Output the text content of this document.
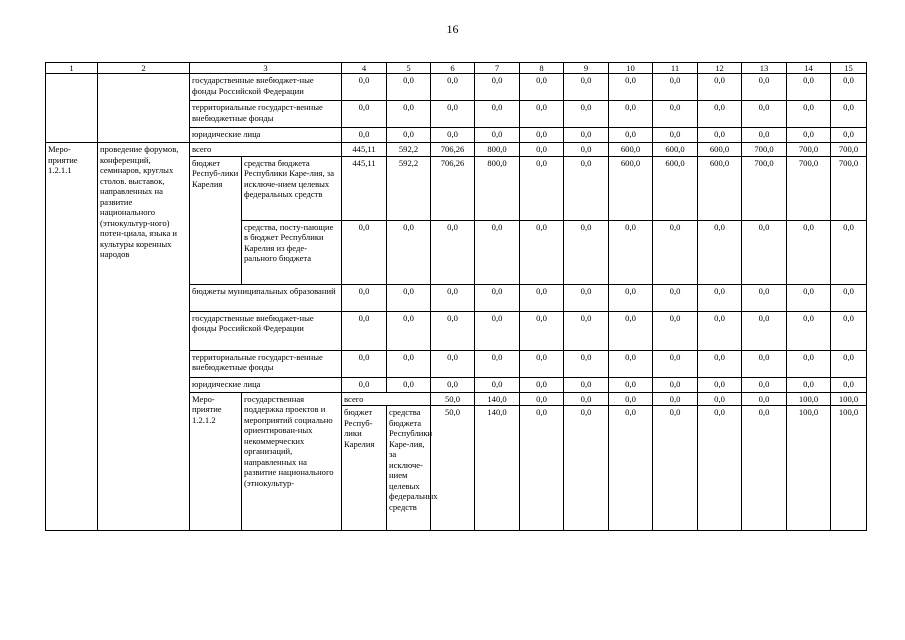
16
1	2	3		4	5	6	7	8	9	10	11	12	13	14	15	
		государственные внебюджет-ные фонды Российской Федерации		0,0	0,0	0,0	0,0	0,0	0,0	0,0	0,0	0,0	0,0	0,0	0,0	
		территориальные государст-венные внебюджетные фонды		0,0	0,0	0,0	0,0	0,0	0,0	0,0	0,0	0,0	0,0	0,0	0,0	
		юридические лица		0,0	0,0	0,0	0,0	0,0	0,0	0,0	0,0	0,0	0,0	0,0	0,0	
Меро-приятие 1.2.1.1	проведение форумов, конференций, семинаров, круглых столов. выставок, направленных на развитие национального (этнокультур-ного) потен-циала, языка и культуры коренных народов	всего		445,11	592,2	706,26	800,0	0,0	0,0	600,0	600,0	600,0	700,0	700,0	700,0	
		бюджет Респуб-лики Карелия	средства бюджета Республики Каре-лия, за исключе-нием целевых федеральных средств	445,11	592,2	706,26	800,0	0,0	0,0	600,0	600,0	600,0	700,0	700,0	700,0	
			средства, посту-пающие в бюджет Республики Карелия из феде-рального бюджета	0,0	0,0	0,0	0,0	0,0	0,0	0,0	0,0	0,0	0,0	0,0	0,0	
		бюджеты муниципальных образований		0,0	0,0	0,0	0,0	0,0	0,0	0,0	0,0	0,0	0,0	0,0	0,0	
		государственные внебюджет-ные фонды Российской Федерации		0,0	0,0	0,0	0,0	0,0	0,0	0,0	0,0	0,0	0,0	0,0	0,0	
		территориальные государст-венные внебюджетные фонды		0,0	0,0	0,0	0,0	0,0	0,0	0,0	0,0	0,0	0,0	0,0	0,0	
		юридические лица		0,0	0,0	0,0	0,0	0,0	0,0	0,0	0,0	0,0	0,0	0,0	0,0	
		Меро-приятие 1.2.1.2	государственная поддержка проектов и мероприятий социально ориентирован-ных некоммерческих организаций, направленных на развитие национального (этнокультур-	всего		50,0	140,0	0,0	0,0	0,0	0,0	0,0	0,0	100,0	100,0		
				бюджет Респуб-лики Карелия	средства бюджета Республики Каре-лия, за исключе-нием целевых федеральных средств	50,0	140,0	0,0	0,0	0,0	0,0	0,0	0,0	100,0	100,0		
